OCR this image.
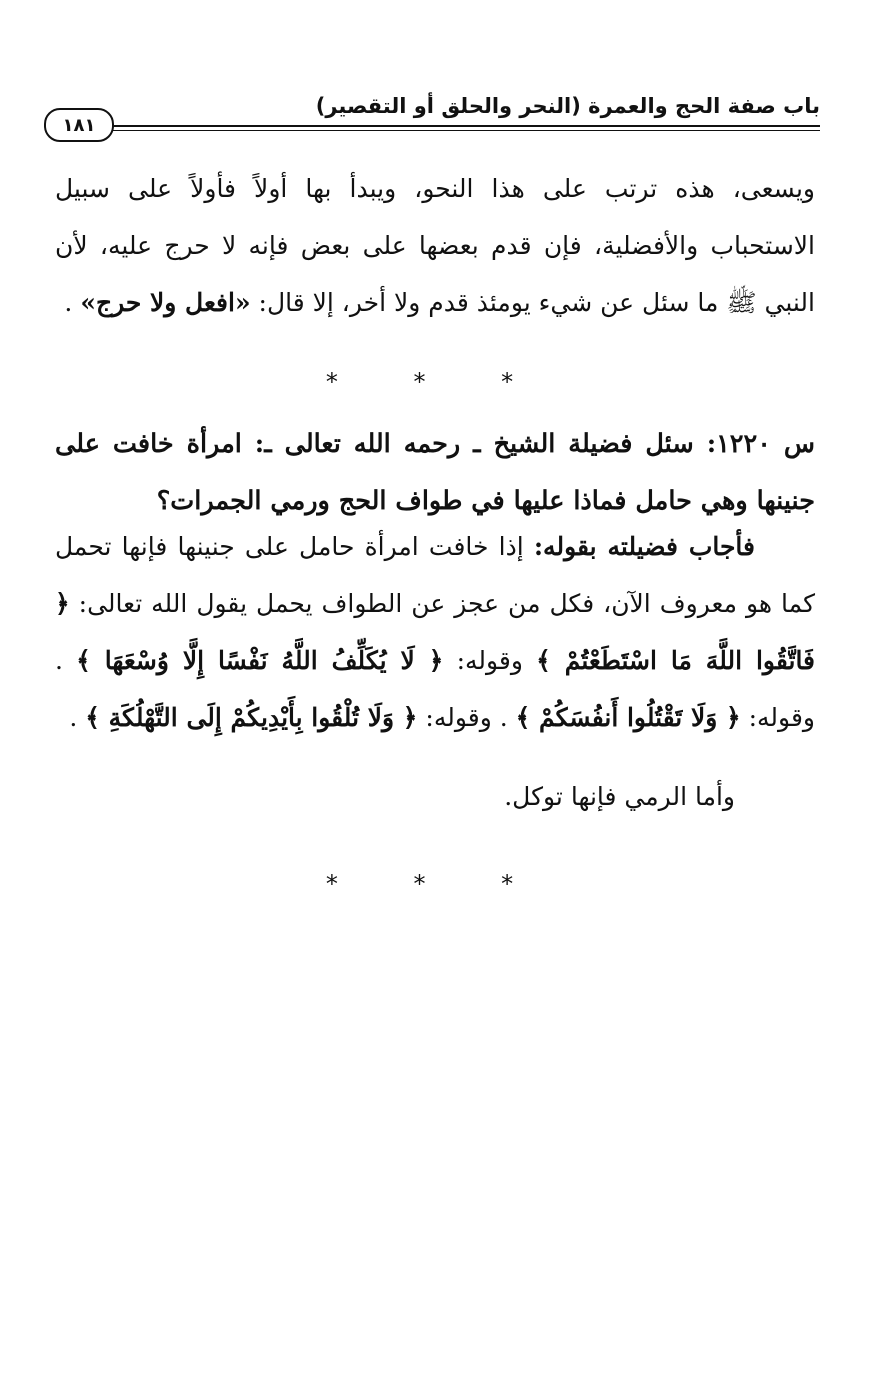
باب صفة الحج والعمرة (النحر والحلق أو التقصير)
١٨١
ويسعى، هذه ترتب على هذا النحو، ويبدأ بها أولاً فأولاً على سبيل الاستحباب والأفضلية، فإن قدم بعضها على بعض فإنه لا حرج عليه، لأن النبي ﷺ ما سئل عن شيء يومئذ قدم ولا أخر، إلا قال: «افعل ولا حرج» .
* * *
س ١٢٢٠: سئل فضيلة الشيخ ـ رحمه الله تعالى ـ: امرأة خافت على جنينها وهي حامل فماذا عليها في طواف الحج ورمي الجمرات؟
فأجاب فضيلته بقوله: إذا خافت امرأة حامل على جنينها فإنها تحمل كما هو معروف الآن، فكل من عجز عن الطواف يحمل يقول الله تعالى: ﴿ فَاتَّقُوا اللَّهَ مَا اسْتَطَعْتُمْ ﴾ وقوله: ﴿ لَا يُكَلِّفُ اللَّهُ نَفْسًا إِلَّا وُسْعَهَا ﴾ . وقوله: ﴿ وَلَا تَقْتُلُوا أَنفُسَكُمْ ﴾ . وقوله: ﴿ وَلَا تُلْقُوا بِأَيْدِيكُمْ إِلَى التَّهْلُكَةِ ﴾ .
وأما الرمي فإنها توكل.
* * *
